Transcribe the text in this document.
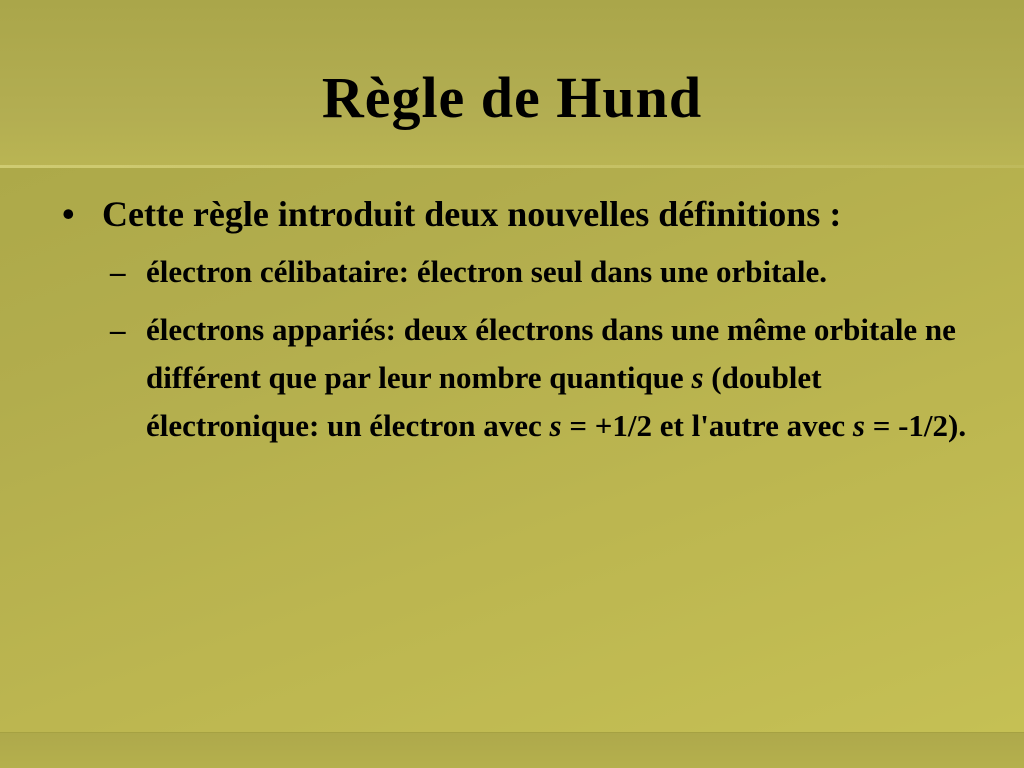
Règle de Hund
• Cette règle introduit deux nouvelles définitions :
– électron célibataire: électron seul dans une orbitale.
– électrons appariés: deux électrons dans une même orbitale ne différent que par leur nombre quantique s (doublet électronique: un électron avec s = +1/2 et l'autre avec s = -1/2).
